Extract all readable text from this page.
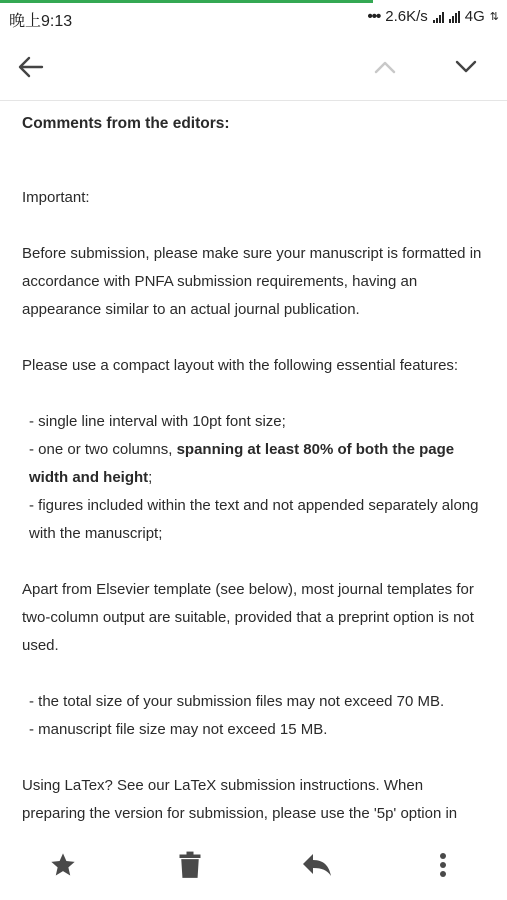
晚上9:13	••• 2.6K/s 4G ⇅

Comments from the editors:

Important:

Before submission, please make sure your manuscript is formatted in accordance with PNFA submission requirements, having an appearance similar to an actual journal publication.

Please use a compact layout with the following essential features:

- single line interval with 10pt font size;

- one or two columns, spanning at least 80% of both the page width and height;

- figures included within the text and not appended separately along with the manuscript;

Apart from Elsevier template (see below), most journal templates for two-column output are suitable, provided that a preprint option is not used.

- the total size of your submission files may not exceed 70 MB.

- manuscript file size may not exceed 15 MB.

Using LaTex? See our LaTeX submission instructions. When preparing the version for submission, please use the '5p' option in
